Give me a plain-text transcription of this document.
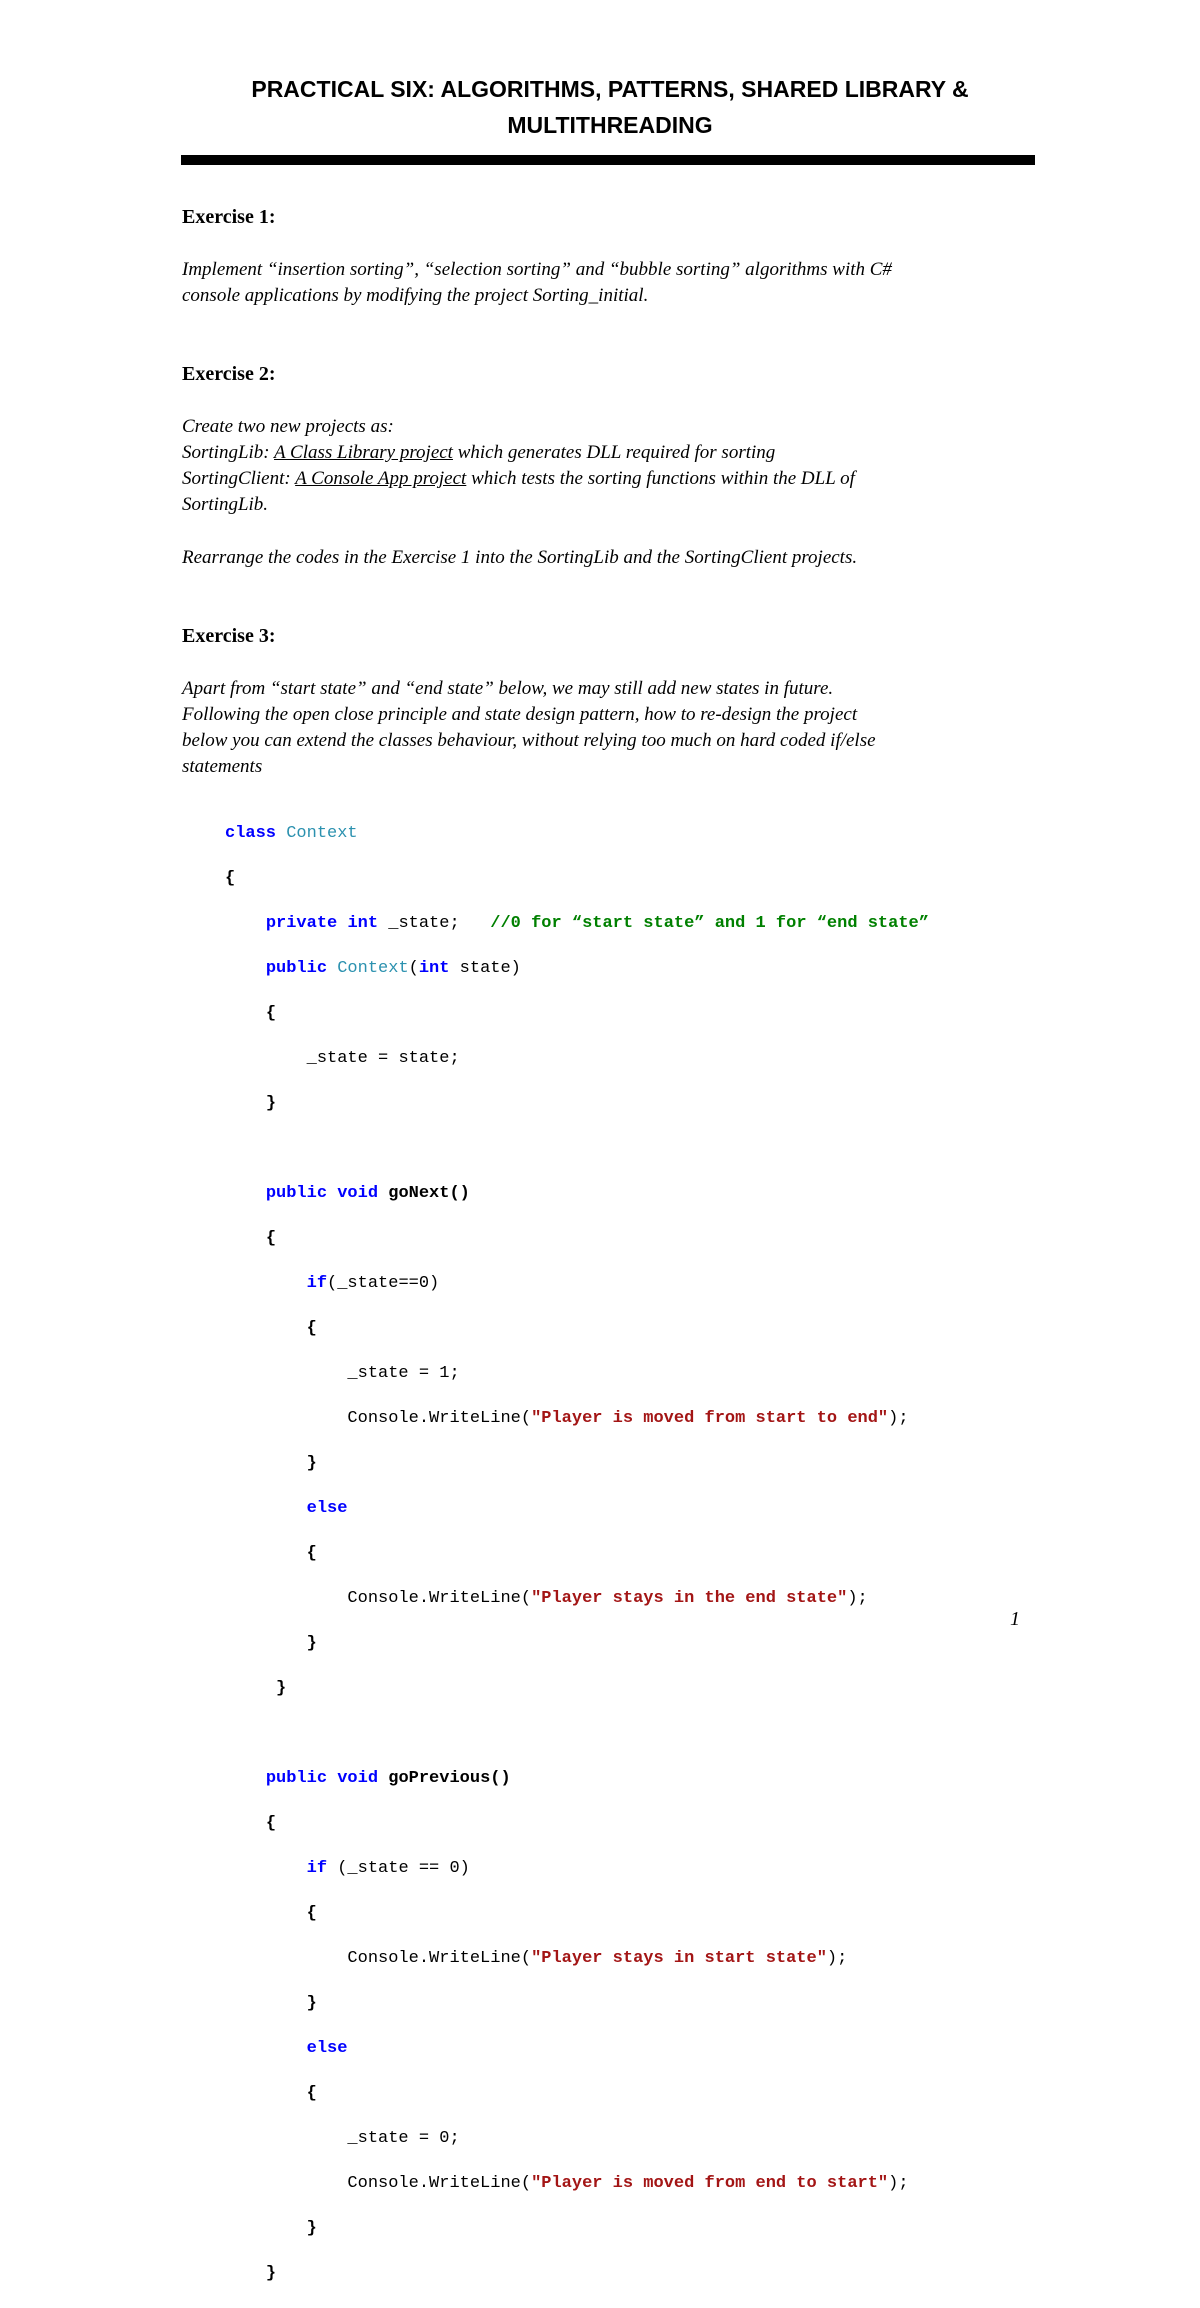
PRACTICAL SIX: ALGORITHMS, PATTERNS, SHARED LIBRARY &
MULTITHREADING
Exercise 1:
Implement “insertion sorting”, “selection sorting” and “bubble sorting” algorithms with C#
console applications by modifying the project Sorting_initial.
Exercise 2:
Create two new projects as:
SortingLib: A Class Library project which generates DLL required for sorting
SortingClient: A Console App project which tests the sorting functions within the DLL of
SortingLib.
Rearrange the codes in the Exercise 1 into the SortingLib and the SortingClient projects.
Exercise 3:
Apart from “start state” and “end state” below, we may still add new states in future.
Following the open close principle and state design pattern, how to re-design the project
below you can extend the classes behaviour, without relying too much on hard coded if/else
statements

class Context

{

private int _state;   //0 for “start state” and 1 for “end state”

public Context(int state)

{

_state = state;

}

public void goNext()

{

if(_state==0)

{

_state = 1;

Console.WriteLine("Player is moved from start to end");

}

else

{

Console.WriteLine("Player stays in the end state");

}

}

public void goPrevious()

{

if (_state == 0)

{

Console.WriteLine("Player stays in start state");

}

else

{

_state = 0;

Console.WriteLine("Player is moved from end to start");

}

}

1
